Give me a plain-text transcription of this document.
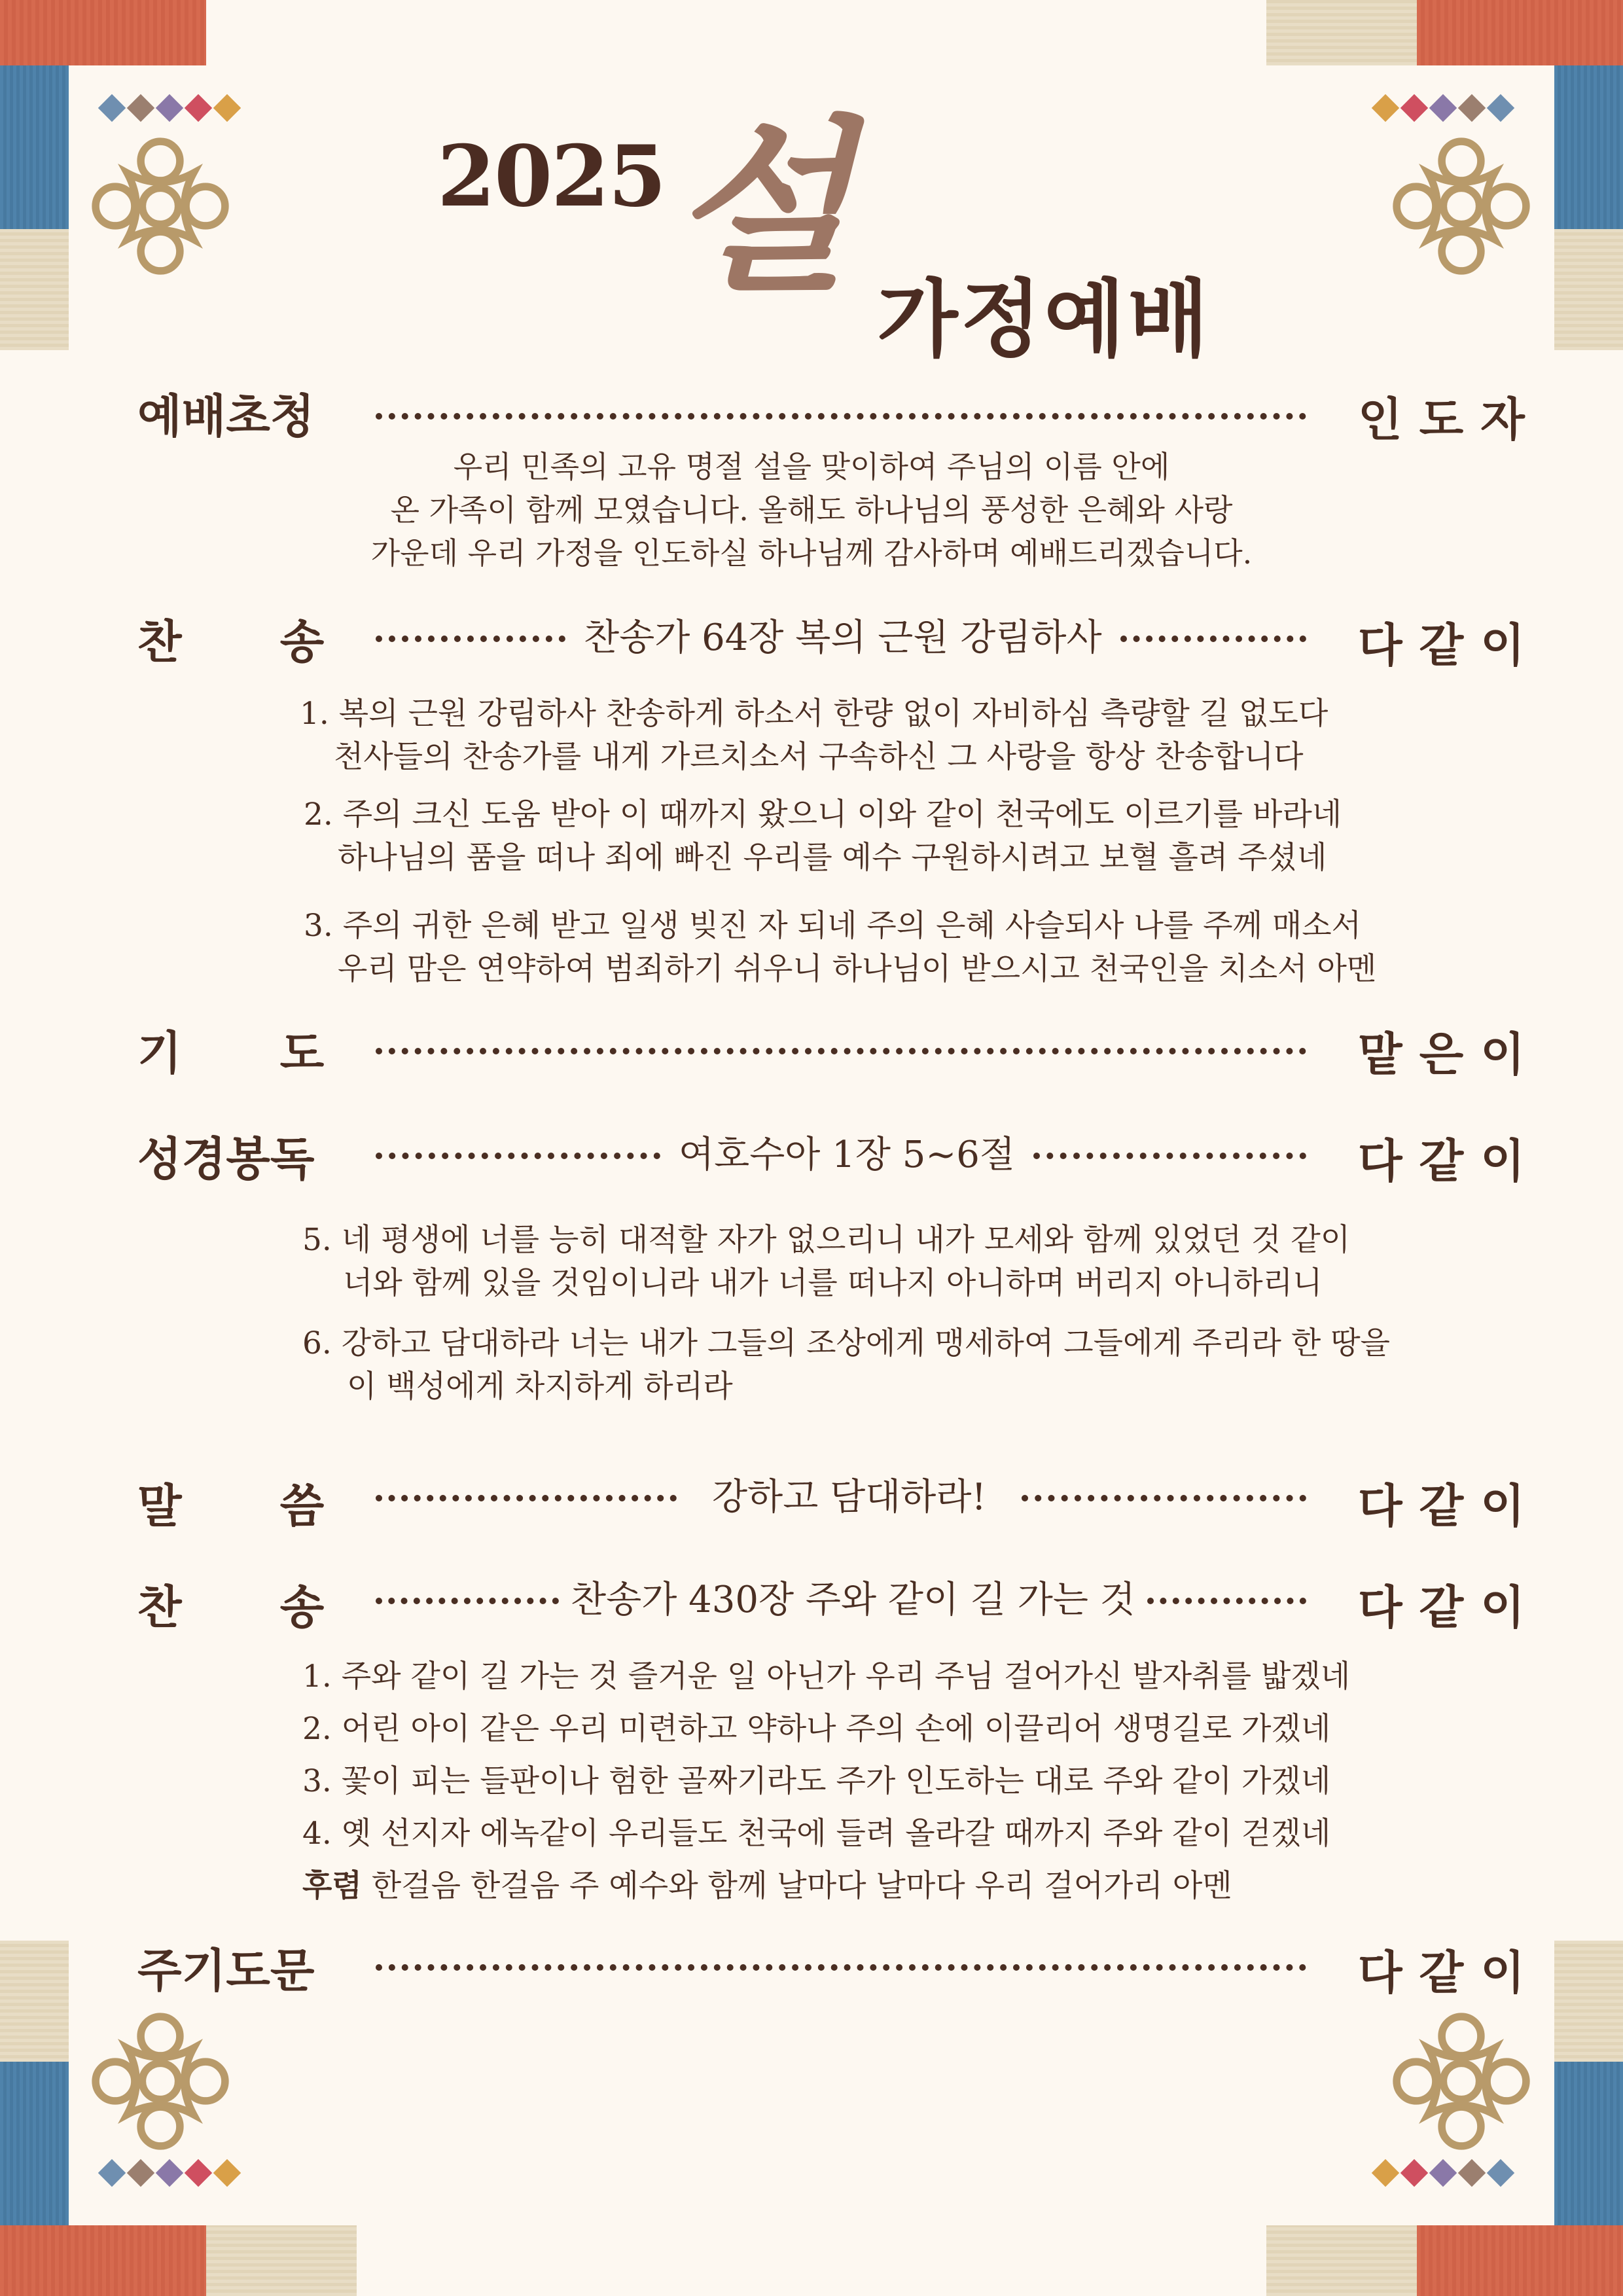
2025 설
가정예배
예배초청	인도자
우리 민족의 고유 명절 설을 맞이하여 주님의 이름 안에
온 가족이 함께 모였습니다. 올해도 하나님의 풍성한 은혜와 사랑
가운데 우리 가정을 인도하실 하나님께 감사하며 예배드리겠습니다.
찬송	찬송가 64장 복의 근원 강림하사	다같이
1. 복의 근원 강림하사 찬송하게 하소서 한량 없이 자비하심 측량할 길 없도다
천사들의 찬송가를 내게 가르치소서 구속하신 그 사랑을 항상 찬송합니다
2. 주의 크신 도움 받아 이 때까지 왔으니 이와 같이 천국에도 이르기를 바라네
하나님의 품을 떠나 죄에 빠진 우리를 예수 구원하시려고 보혈 흘려 주셨네
3. 주의 귀한 은혜 받고 일생 빚진 자 되네 주의 은혜 사슬되사 나를 주께 매소서
우리 맘은 연약하여 범죄하기 쉬우니 하나님이 받으시고 천국인을 치소서 아멘
기도	맡은이
성경봉독	여호수아 1장 5~6절	다같이
5. 네 평생에 너를 능히 대적할 자가 없으리니 내가 모세와 함께 있었던 것 같이
너와 함께 있을 것임이니라 내가 너를 떠나지 아니하며 버리지 아니하리니
6. 강하고 담대하라 너는 내가 그들의 조상에게 맹세하여 그들에게 주리라 한 땅을
이 백성에게 차지하게 하리라
말씀	강하고 담대하라!	다같이
찬송	찬송가 430장 주와 같이 길 가는 것	다같이
1. 주와 같이 길 가는 것 즐거운 일 아닌가 우리 주님 걸어가신 발자취를 밟겠네
2. 어린 아이 같은 우리 미련하고 약하나 주의 손에 이끌리어 생명길로 가겠네
3. 꽃이 피는 들판이나 험한 골짜기라도 주가 인도하는 대로 주와 같이 가겠네
4. 옛 선지자 에녹같이 우리들도 천국에 들려 올라갈 때까지 주와 같이 걷겠네
후렴 한걸음 한걸음 주 예수와 함께 날마다 날마다 우리 걸어가리 아멘
주기도문	다같이
